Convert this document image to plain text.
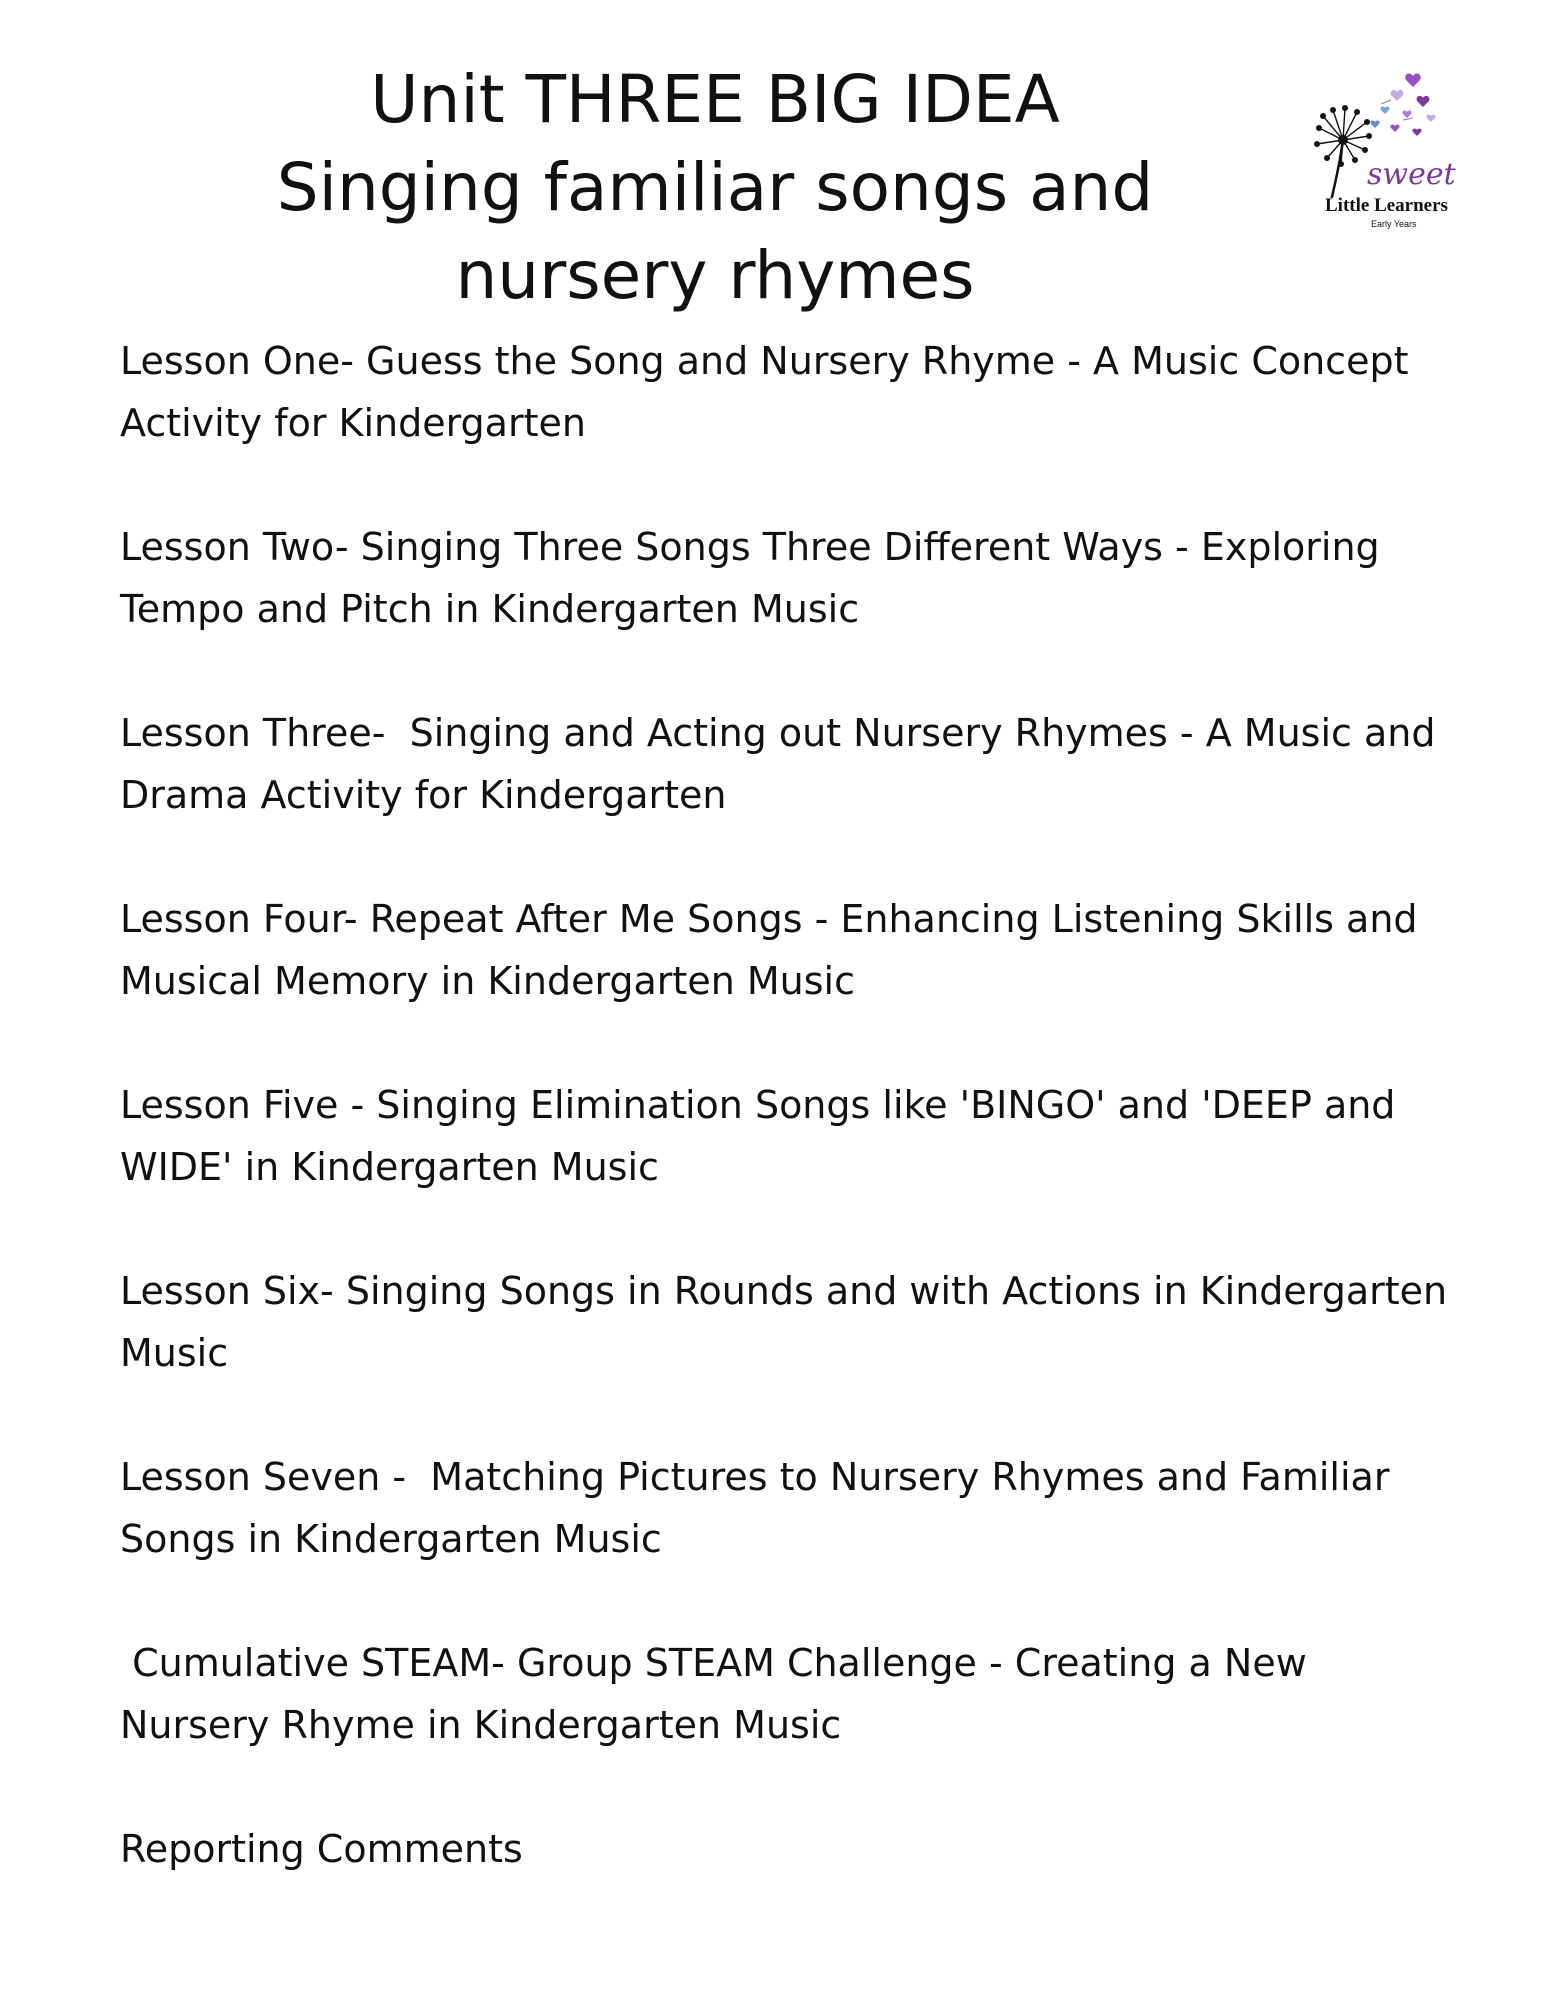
Unit THREE BIG IDEA
Singing familiar songs and
nursery rhymes
sweet
Little Learners
Early Years
Lesson One- Guess the Song and Nursery Rhyme - A Music Concept Activity for Kindergarten
Lesson Two- Singing Three Songs Three Different Ways - Exploring Tempo and Pitch in Kindergarten Music
Lesson Three-  Singing and Acting out Nursery Rhymes - A Music and Drama Activity for Kindergarten
Lesson Four- Repeat After Me Songs - Enhancing Listening Skills and Musical Memory in Kindergarten Music
Lesson Five - Singing Elimination Songs like 'BINGO' and 'DEEP and WIDE' in Kindergarten Music
Lesson Six- Singing Songs in Rounds and with Actions in Kindergarten Music
Lesson Seven -  Matching Pictures to Nursery Rhymes and Familiar Songs in Kindergarten Music
Cumulative STEAM- Group STEAM Challenge - Creating a New Nursery Rhyme in Kindergarten Music
Reporting Comments
